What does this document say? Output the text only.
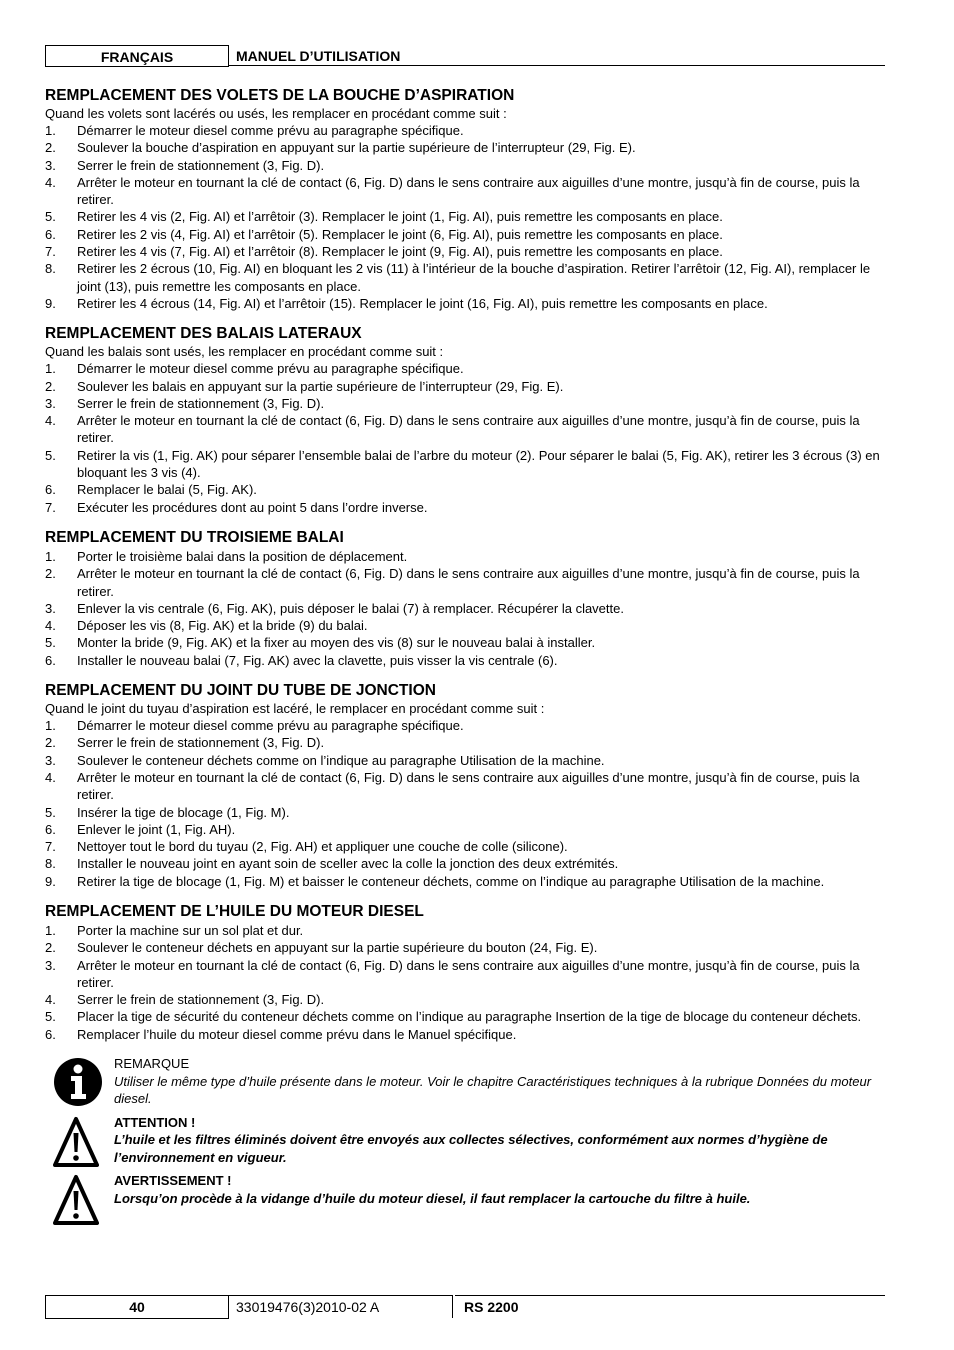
FRANÇAIS	MANUEL D’UTILISATION
REMPLACEMENT DES VOLETS DE LA BOUCHE D’ASPIRATION
Quand les volets sont lacérés ou usés, les remplacer en procédant comme suit :
1. Démarrer le moteur diesel comme prévu au paragraphe spécifique.
2. Soulever la bouche d’aspiration en appuyant sur la partie supérieure de l’interrupteur (29, Fig. E).
3. Serrer le frein de stationnement (3, Fig. D).
4. Arrêter le moteur en tournant la clé de contact (6, Fig. D) dans le sens contraire aux aiguilles d’une montre, jusqu’à fin de course, puis la retirer.
5. Retirer les 4 vis (2, Fig. AI) et l’arrêtoir (3). Remplacer le joint (1, Fig. AI), puis remettre les composants en place.
6. Retirer les 2 vis (4, Fig. AI) et l’arrêtoir (5). Remplacer le joint (6, Fig. AI), puis remettre les composants en place.
7. Retirer les 4 vis (7, Fig. AI) et l’arrêtoir (8). Remplacer le joint (9, Fig. AI), puis remettre les composants en place.
8. Retirer les 2 écrous (10, Fig. AI) en bloquant les 2 vis (11) à l’intérieur de la bouche d’aspiration. Retirer l’arrêtoir (12, Fig. AI), remplacer le joint (13), puis remettre les composants en place.
9. Retirer les 4 écrous (14, Fig. AI) et l’arrêtoir (15). Remplacer le joint (16, Fig. AI), puis remettre les composants en place.
REMPLACEMENT DES BALAIS LATERAUX
Quand les balais sont usés, les remplacer en procédant comme suit :
1. Démarrer le moteur diesel comme prévu au paragraphe spécifique.
2. Soulever les balais en appuyant sur la partie supérieure de l’interrupteur (29, Fig. E).
3. Serrer le frein de stationnement (3, Fig. D).
4. Arrêter le moteur en tournant la clé de contact (6, Fig. D) dans le sens contraire aux aiguilles d’une montre, jusqu’à fin de course, puis la retirer.
5. Retirer la vis (1, Fig. AK) pour séparer l’ensemble balai de l’arbre du moteur (2). Pour séparer le balai (5, Fig. AK), retirer les 3 écrous (3) en bloquant les 3 vis (4).
6. Remplacer le balai (5, Fig. AK).
7. Exécuter les procédures dont au point 5 dans l’ordre inverse.
REMPLACEMENT DU TROISIEME BALAI
1. Porter le troisième balai dans la position de déplacement.
2. Arrêter le moteur en tournant la clé de contact (6, Fig. D) dans le sens contraire aux aiguilles d’une montre, jusqu’à fin de course, puis la retirer.
3. Enlever la vis centrale (6, Fig. AK), puis déposer le balai (7) à remplacer. Récupérer la clavette.
4. Déposer les vis (8, Fig. AK) et la bride (9) du balai.
5. Monter la bride (9, Fig. AK) et la fixer au moyen des vis (8) sur le nouveau balai à installer.
6. Installer le nouveau balai (7, Fig. AK) avec la clavette, puis visser la vis centrale (6).
REMPLACEMENT DU JOINT DU TUBE DE JONCTION
Quand le joint du tuyau d’aspiration est lacéré, le remplacer en procédant comme suit :
1. Démarrer le moteur diesel comme prévu au paragraphe spécifique.
2. Serrer le frein de stationnement (3, Fig. D).
3. Soulever le conteneur déchets comme on l’indique au paragraphe Utilisation de la machine.
4. Arrêter le moteur en tournant la clé de contact (6, Fig. D) dans le sens contraire aux aiguilles d’une montre, jusqu’à fin de course, puis la retirer.
5. Insérer la tige de blocage (1, Fig. M).
6. Enlever le joint (1, Fig. AH).
7. Nettoyer tout le bord du tuyau (2, Fig. AH) et appliquer une couche de colle (silicone).
8. Installer le nouveau joint en ayant soin de sceller avec la colle la jonction des deux extrémités.
9. Retirer la tige de blocage (1, Fig. M) et baisser le conteneur déchets, comme on l’indique au paragraphe Utilisation de la machine.
REMPLACEMENT DE L’HUILE DU MOTEUR DIESEL
1. Porter la machine sur un sol plat et dur.
2. Soulever le conteneur déchets en appuyant sur la partie supérieure du bouton (24, Fig. E).
3. Arrêter le moteur en tournant la clé de contact (6, Fig. D) dans le sens contraire aux aiguilles d’une montre, jusqu’à fin de course, puis la retirer.
4. Serrer le frein de stationnement (3, Fig. D).
5. Placer la tige de sécurité du conteneur déchets comme on l’indique au paragraphe Insertion de la tige de blocage du conteneur déchets.
6. Remplacer l’huile du moteur diesel comme prévu dans le Manuel spécifique.
REMARQUE
Utiliser le même type d’huile présente dans le moteur. Voir le chapitre Caractéristiques techniques à la rubrique Données du moteur diesel.
ATTENTION !
L’huile et les filtres éliminés doivent être envoyés aux collectes sélectives, conformément aux normes d’hygiène de l’environnement en vigueur.
AVERTISSEMENT !
Lorsqu’on procède à la vidange d’huile du moteur diesel, il faut remplacer la cartouche du filtre à huile.
40	33019476(3)2010-02 A	RS 2200
